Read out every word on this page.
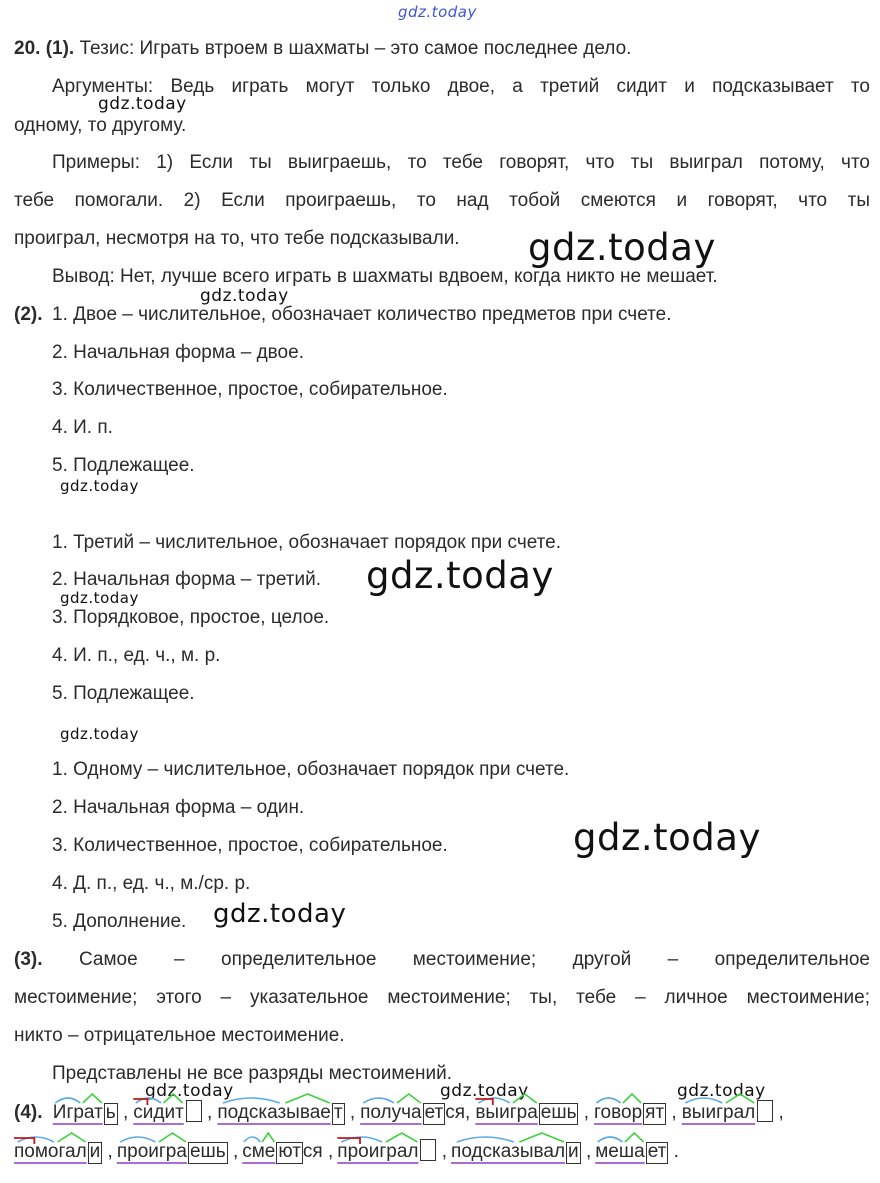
gdz.today
gdz.today
gdz.today
gdz.today
gdz.today
gdz.today
gdz.today
gdz.today
gdz.today
gdz.today
gdz.today	gdz.today	gdz.today
20. (1). Тезис: Играть втроем в шахматы – это самое последнее дело.
Аргументы: Ведь играть могут только двое, а третий сидит и подсказывает то
одному, то другому.
Примеры: 1) Если ты выиграешь, то тебе говорят, что ты выиграл потому, что
тебе помогали. 2) Если проиграешь, то над тобой смеются и говорят, что ты
проиграл, несмотря на то, что тебе подсказывали.
Вывод: Нет, лучше всего играть в шахматы вдвоем, когда никто не мешает.
(2). 1. Двое – числительное, обозначает количество предметов при счете.
2. Начальная форма – двое.
3. Количественное, простое, собирательное.
4. И. п.
5. Подлежащее.
1. Третий – числительное, обозначает порядок при счете.
2. Начальная форма – третий.
3. Порядковое, простое, целое.
4. И. п., ед. ч., м. р.
5. Подлежащее.
1. Одному – числительное, обозначает порядок при счете.
2. Начальная форма – один.
3. Количественное, простое, собирательное.
4. Д. п., ед. ч., м./ср. р.
5. Дополнение.
(3). Самое – определительное местоимение; другой – определительное
местоимение; этого – указательное местоимение; ты, тебе – личное местоимение;
никто – отрицательное местоимение.
Представлены не все разряды местоимений.
(4). Играт ь , сидит , подсказывае т , получа ет ся, выигра ешь , говор ят , выиграл ,
помогал и , проигра ешь , сме ют ся , проиграл , подсказывал и , меша ет .
